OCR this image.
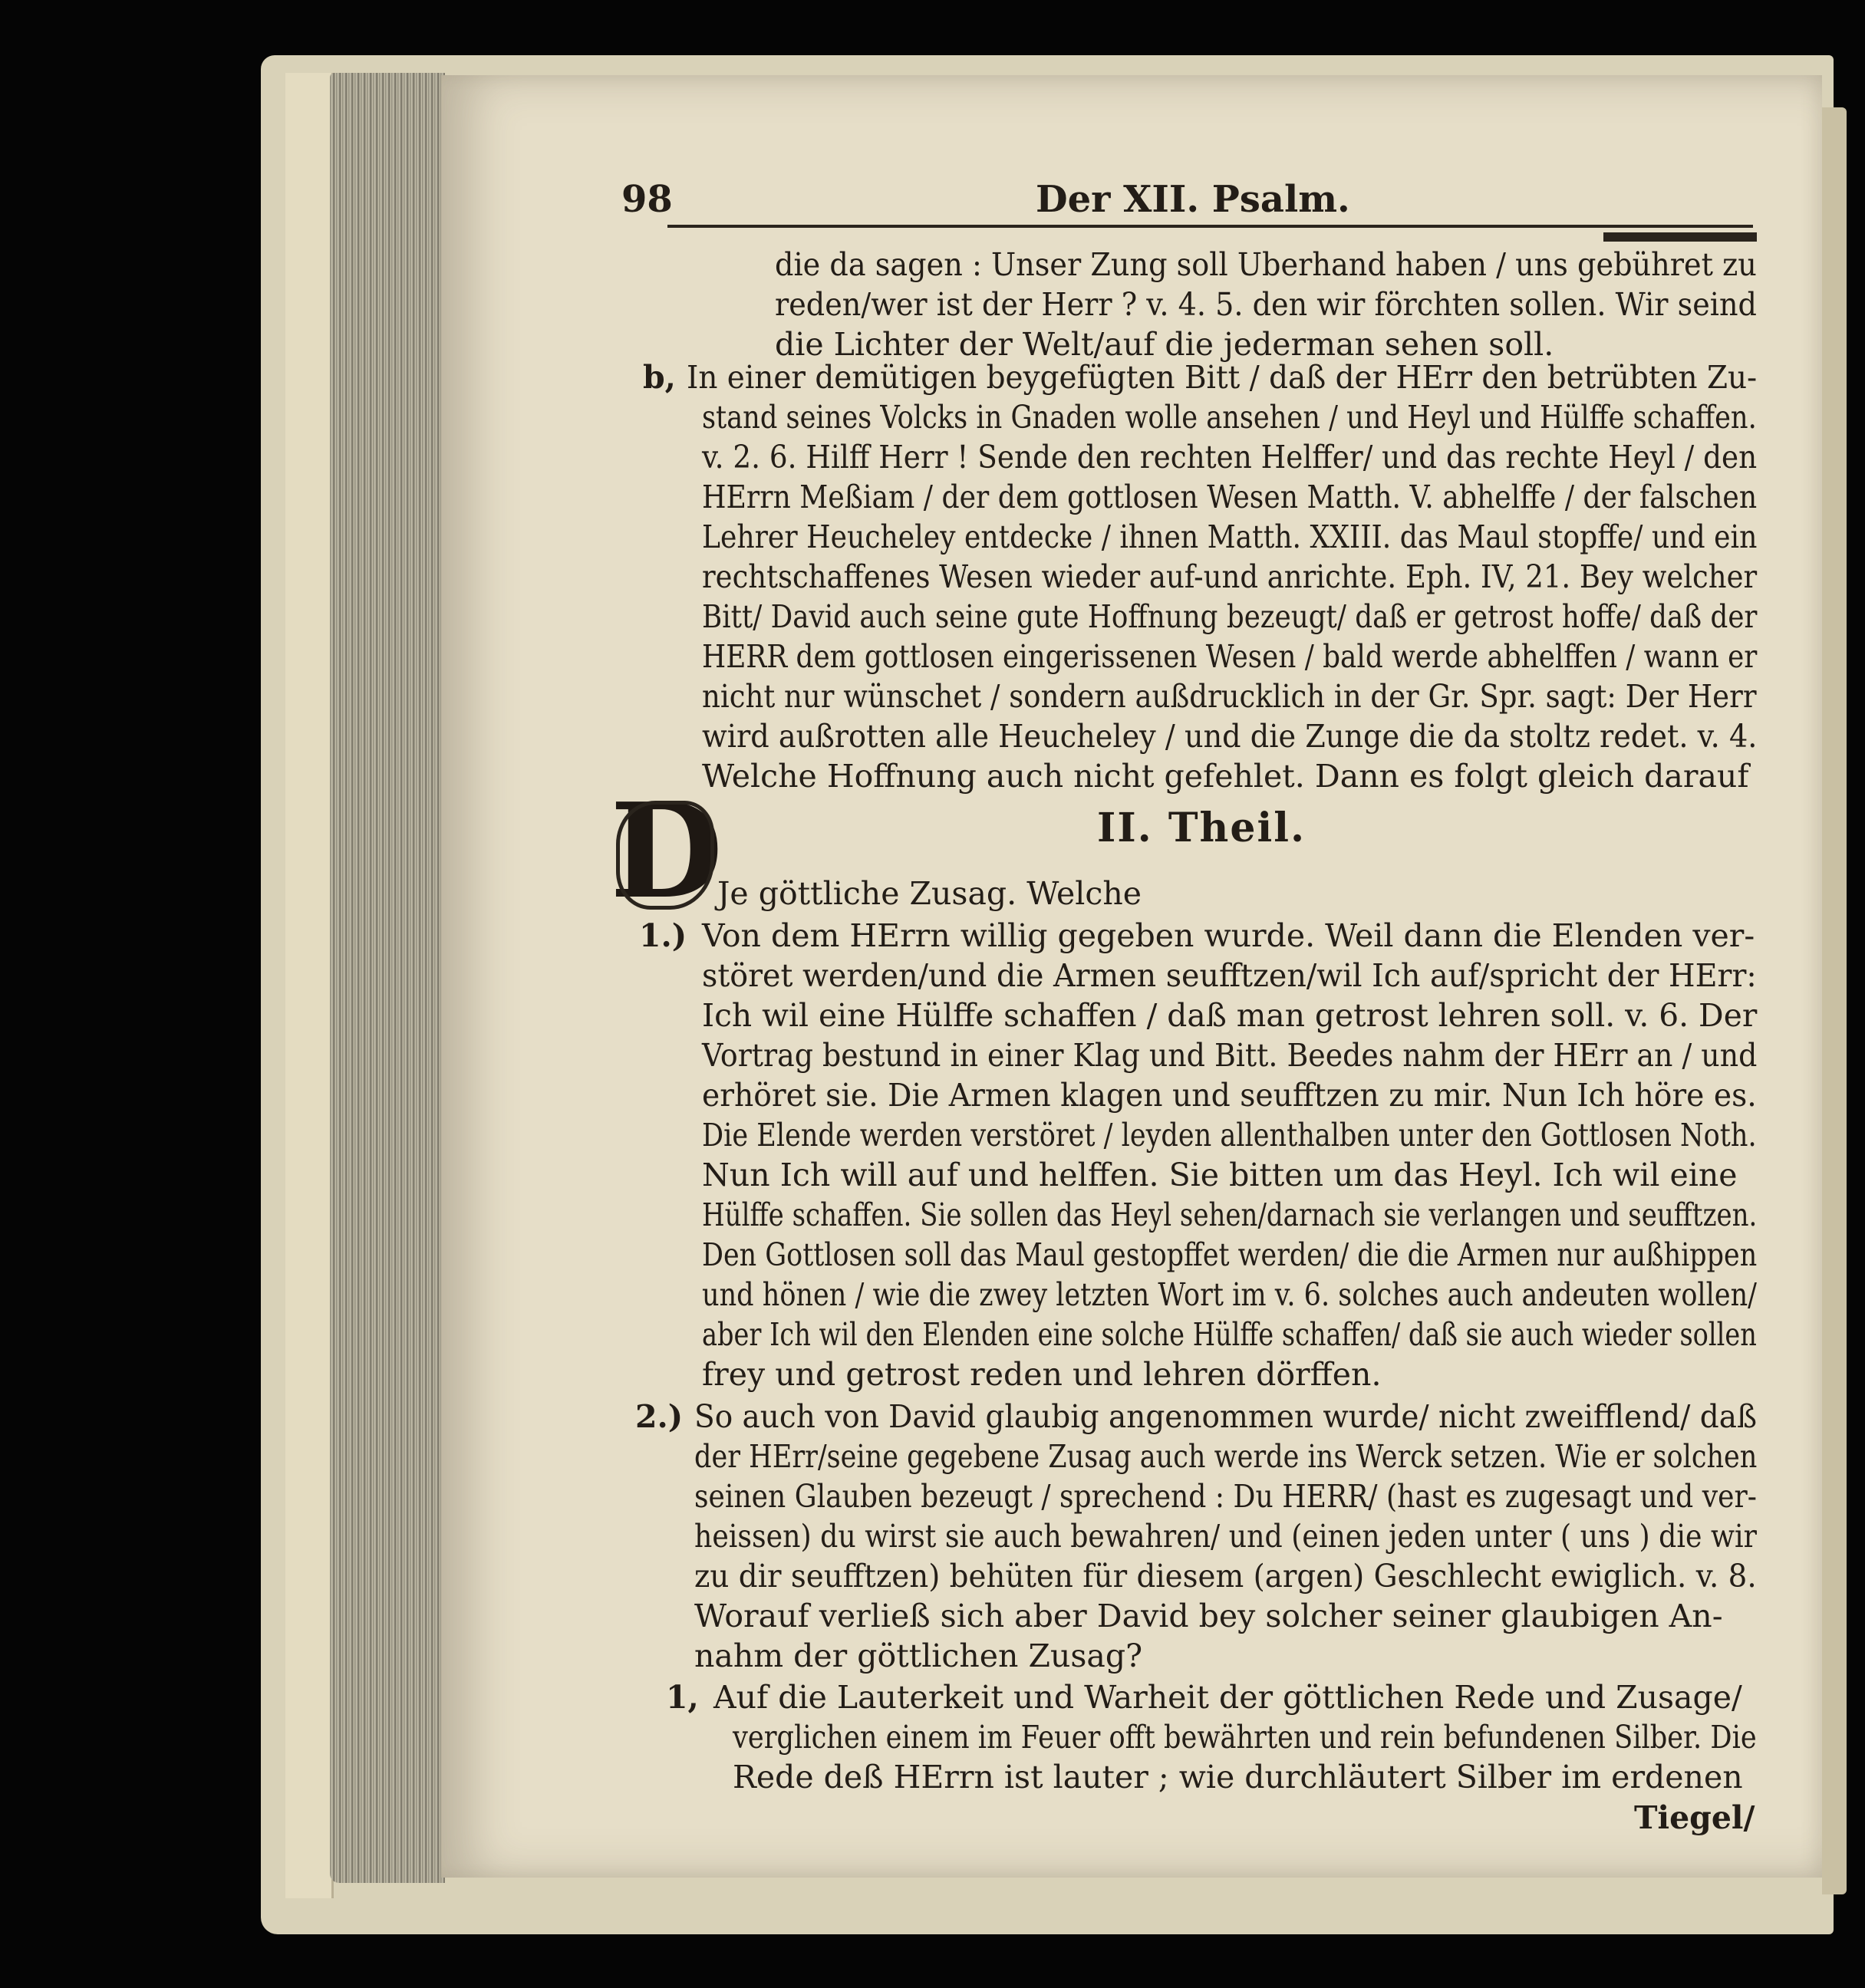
98	Der XII. Psalm.
die da sagen : Unser Zung soll Uberhand haben / uns gebühret zu
reden/wer ist der Herr ? v. 4. 5. den wir förchten sollen. Wir seind
die Lichter der Welt/auf die jederman sehen soll.
b, In einer demütigen beygefügten Bitt / daß der HErr den betrübten Zu-
stand seines Volcks in Gnaden wolle ansehen / und Heyl und Hülffe schaffen.
v. 2. 6. Hilff Herr ! Sende den rechten Helffer/ und das rechte Heyl / den
HErrn Meßiam / der dem gottlosen Wesen Matth. V. abhelffe / der falschen
Lehrer Heucheley entdecke / ihnen Matth. XXIII. das Maul stopffe/ und ein
rechtschaffenes Wesen wieder auf-und anrichte. Eph. IV, 21. Bey welcher
Bitt/ David auch seine gute Hoffnung bezeugt/ daß er getrost hoffe/ daß der
HERR dem gottlosen eingerissenen Wesen / bald werde abhelffen / wann er
nicht nur wünschet / sondern außdrucklich in der Gr. Spr. sagt: Der Herr
wird außrotten alle Heucheley / und die Zunge die da stoltz redet. v. 4.
Welche Hoffnung auch nicht gefehlet. Dann es folgt gleich darauf
II. Theil.
D
Je göttliche Zusag. Welche
1.) Von dem HErrn willig gegeben wurde. Weil dann die Elenden ver-
störet werden/und die Armen seufftzen/wil Ich auf/spricht der HErr:
Ich wil eine Hülffe schaffen / daß man getrost lehren soll. v. 6. Der
Vortrag bestund in einer Klag und Bitt. Beedes nahm der HErr an / und
erhöret sie. Die Armen klagen und seufftzen zu mir. Nun Ich höre es.
Die Elende werden verstöret / leyden allenthalben unter den Gottlosen Noth.
Nun Ich will auf und helffen. Sie bitten um das Heyl. Ich wil eine
Hülffe schaffen. Sie sollen das Heyl sehen/darnach sie verlangen und seufftzen.
Den Gottlosen soll das Maul gestopffet werden/ die die Armen nur außhippen
und hönen / wie die zwey letzten Wort im v. 6. solches auch andeuten wollen/
aber Ich wil den Elenden eine solche Hülffe schaffen/ daß sie auch wieder sollen
frey und getrost reden und lehren dörffen.
2.) So auch von David glaubig angenommen wurde/ nicht zweifflend/ daß
der HErr/seine gegebene Zusag auch werde ins Werck setzen. Wie er solchen
seinen Glauben bezeugt / sprechend : Du HERR/ (hast es zugesagt und ver-
heissen) du wirst sie auch bewahren/ und (einen jeden unter ( uns ) die wir
zu dir seufftzen) behüten für diesem (argen) Geschlecht ewiglich. v. 8.
Worauf verließ sich aber David bey solcher seiner glaubigen An-
nahm der göttlichen Zusag?
1, Auf die Lauterkeit und Warheit der göttlichen Rede und Zusage/
verglichen einem im Feuer offt bewährten und rein befundenen Silber. Die
Rede deß HErrn ist lauter ; wie durchläutert Silber im erdenen
Tiegel/
